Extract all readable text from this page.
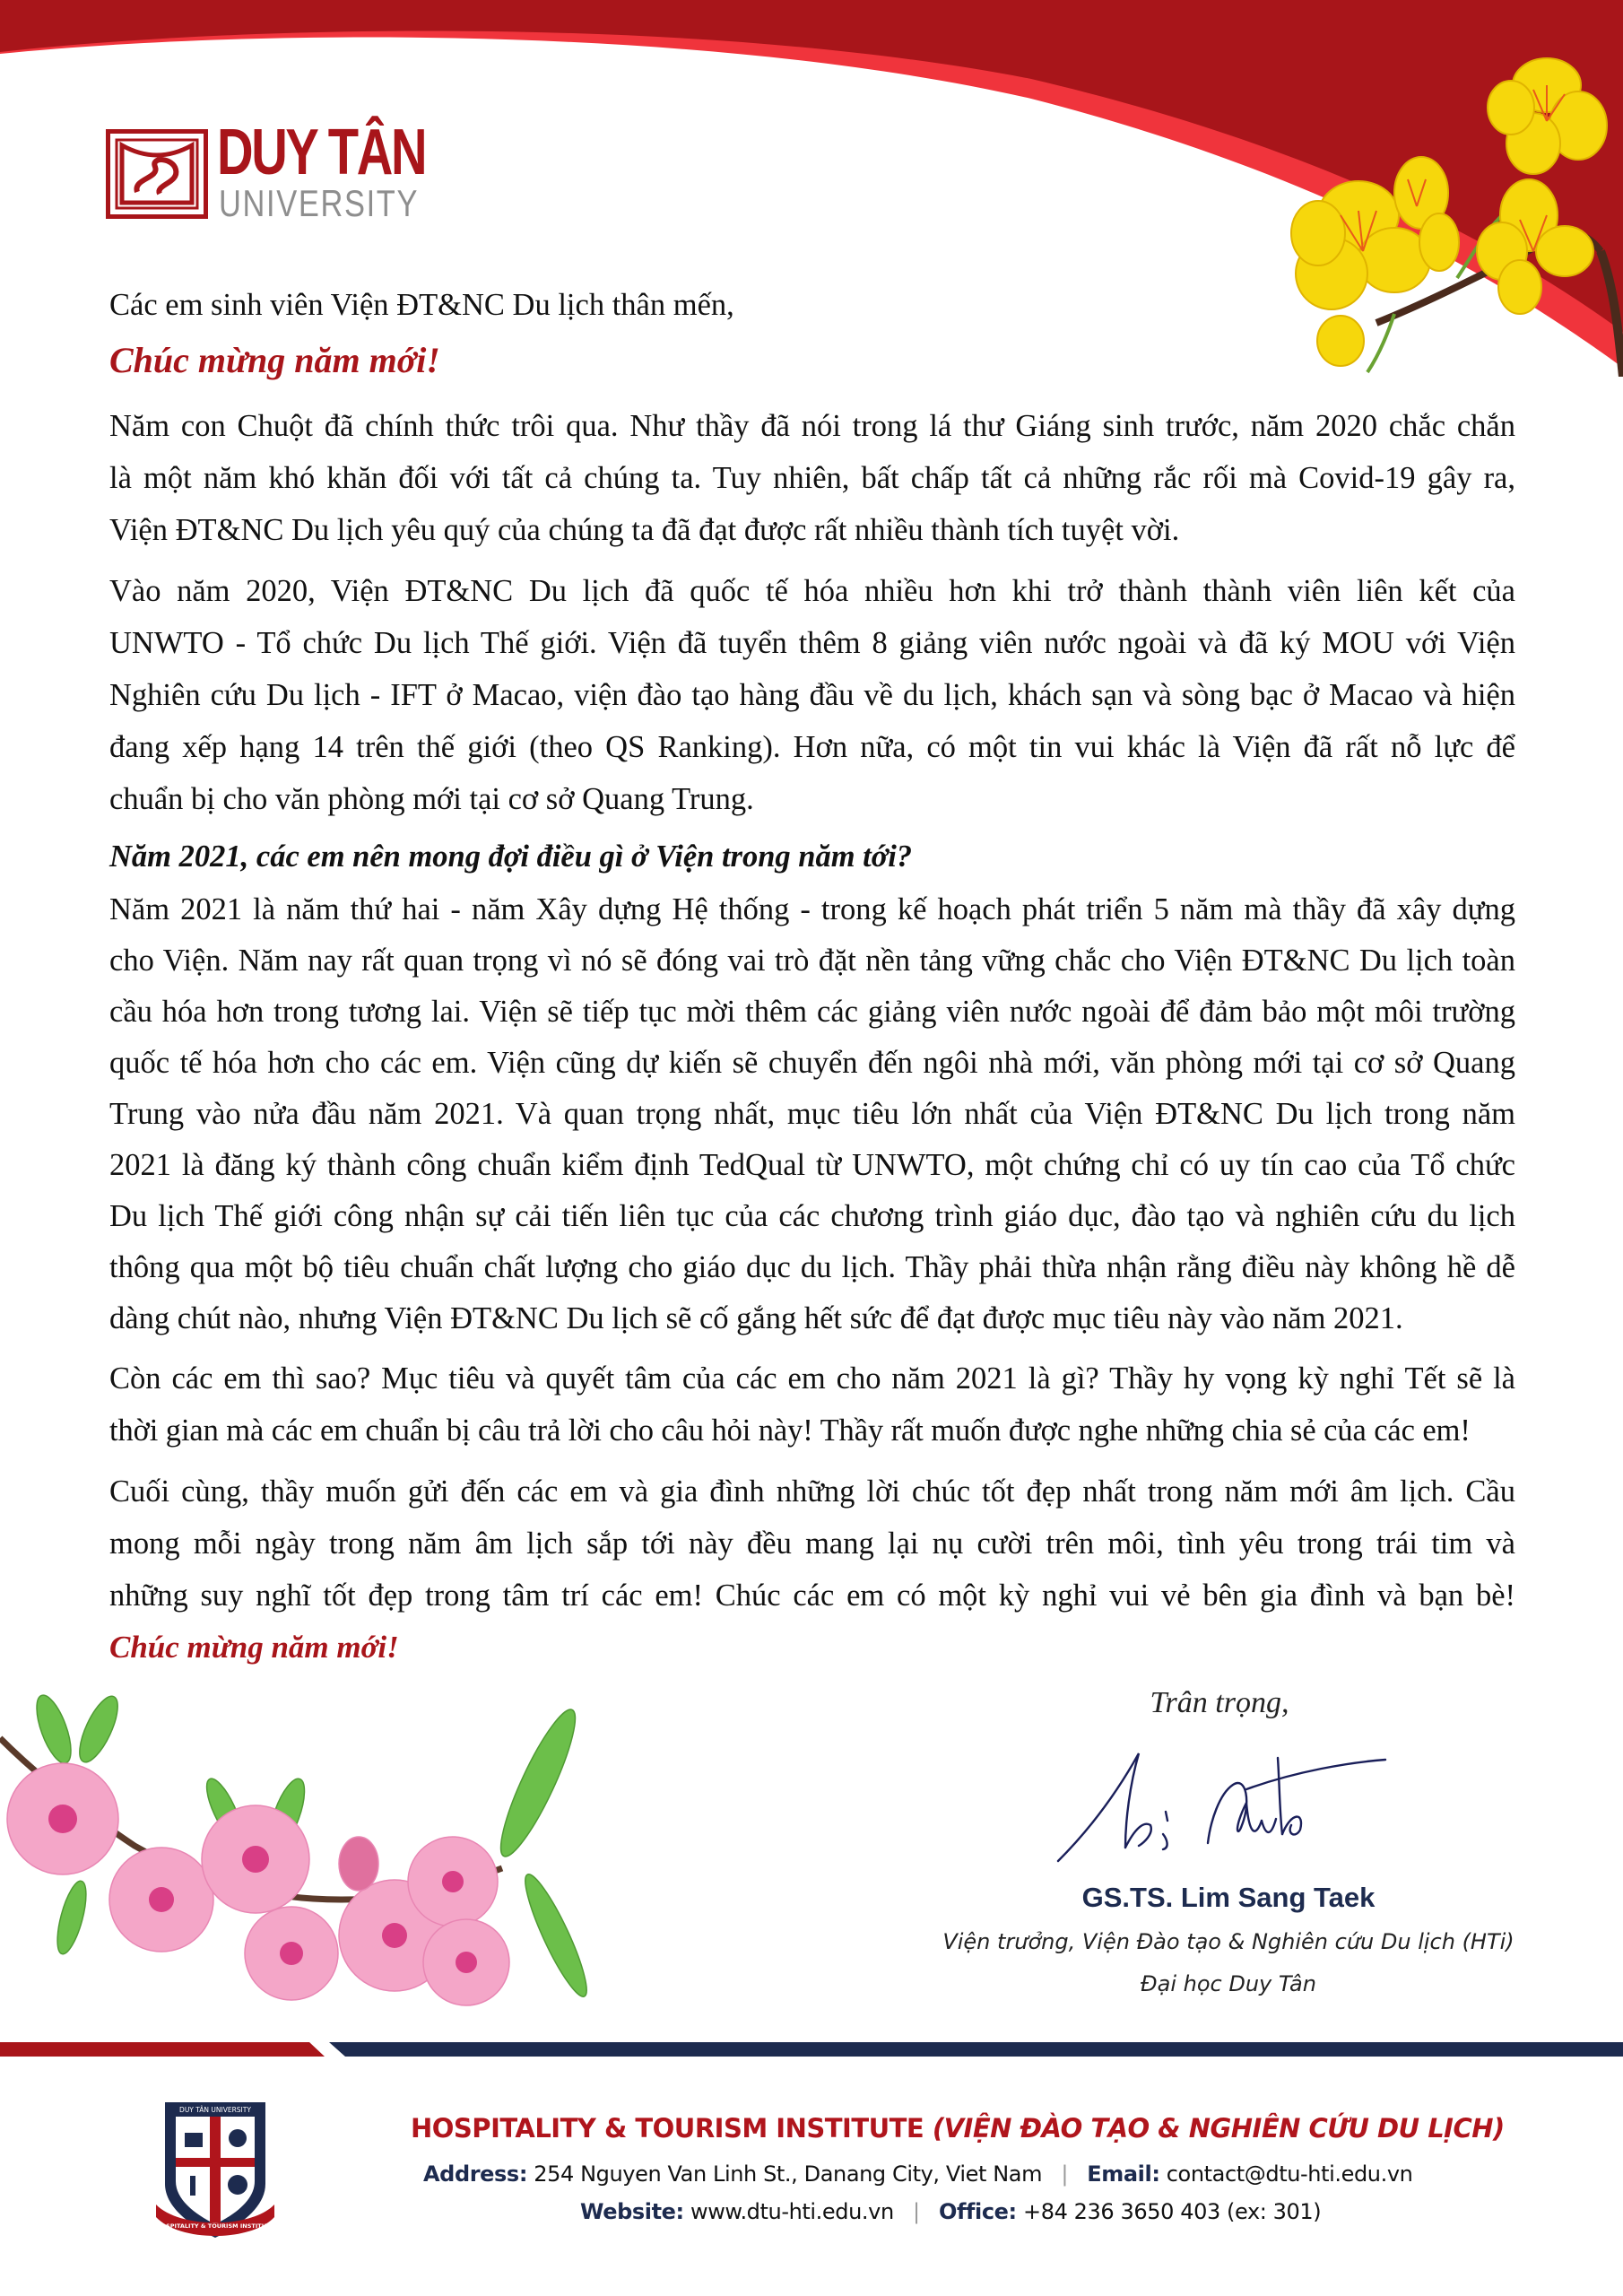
DUY TÂN
UNIVERSITY
Các em sinh viên Viện ĐT&NC Du lịch thân mến,
Chúc mừng năm mới!
Năm con Chuột đã chính thức trôi qua. Như thầy đã nói trong lá thư Giáng sinh trước, năm 2020 chắc chắn
là một năm khó khăn đối với tất cả chúng ta. Tuy nhiên, bất chấp tất cả những rắc rối mà Covid-19 gây ra,
Viện ĐT&NC Du lịch yêu quý của chúng ta đã đạt được rất nhiều thành tích tuyệt vời.
Vào năm 2020, Viện ĐT&NC Du lịch đã quốc tế hóa nhiều hơn khi trở thành thành viên liên kết của
UNWTO - Tổ chức Du lịch Thế giới. Viện đã tuyển thêm 8 giảng viên nước ngoài và đã ký MOU với Viện
Nghiên cứu Du lịch - IFT ở Macao, viện đào tạo hàng đầu về du lịch, khách sạn và sòng bạc ở Macao và hiện
đang xếp hạng 14 trên thế giới (theo QS Ranking). Hơn nữa, có một tin vui khác là Viện đã rất nỗ lực để
chuẩn bị cho văn phòng mới tại cơ sở Quang Trung.
Năm 2021, các em nên mong đợi điều gì ở Viện trong năm tới?
Năm 2021 là năm thứ hai - năm Xây dựng Hệ thống - trong kế hoạch phát triển 5 năm mà thầy đã xây dựng
cho Viện. Năm nay rất quan trọng vì nó sẽ đóng vai trò đặt nền tảng vững chắc cho Viện ĐT&NC Du lịch toàn
cầu hóa hơn trong tương lai. Viện sẽ tiếp tục mời thêm các giảng viên nước ngoài để đảm bảo một môi trường
quốc tế hóa hơn cho các em. Viện cũng dự kiến sẽ chuyển đến ngôi nhà mới, văn phòng mới tại cơ sở Quang
Trung vào nửa đầu năm 2021. Và quan trọng nhất, mục tiêu lớn nhất của Viện ĐT&NC Du lịch trong năm
2021 là đăng ký thành công chuẩn kiểm định TedQual từ UNWTO, một chứng chỉ có uy tín cao của Tổ chức
Du lịch Thế giới công nhận sự cải tiến liên tục của các chương trình giáo dục, đào tạo và nghiên cứu du lịch
thông qua một bộ tiêu chuẩn chất lượng cho giáo dục du lịch. Thầy phải thừa nhận rằng điều này không hề dễ
dàng chút nào, nhưng Viện ĐT&NC Du lịch sẽ cố gắng hết sức để đạt được mục tiêu này vào năm 2021.
Còn các em thì sao? Mục tiêu và quyết tâm của các em cho năm 2021 là gì? Thầy hy vọng kỳ nghỉ Tết sẽ là
thời gian mà các em chuẩn bị câu trả lời cho câu hỏi này! Thầy rất muốn được nghe những chia sẻ của các em!
Cuối cùng, thầy muốn gửi đến các em và gia đình những lời chúc tốt đẹp nhất trong năm mới âm lịch. Cầu
mong mỗi ngày trong năm âm lịch sắp tới này đều mang lại nụ cười trên môi, tình yêu trong trái tim và
những suy nghĩ tốt đẹp trong tâm trí các em! Chúc các em có một kỳ nghỉ vui vẻ bên gia đình và bạn bè!
Chúc mừng năm mới!
Trân trọng,
GS.TS. Lim Sang Taek
Viện trưởng, Viện Đào tạo & Nghiên cứu Du lịch (HTi)
Đại học Duy Tân
DUY TÂN UNIVERSITY
HOSPITALITY & TOURISM INSTITUTE
HOSPITALITY & TOURISM INSTITUTE (VIỆN ĐÀO TẠO & NGHIÊN CỨU DU LỊCH)
Address: 254 Nguyen Van Linh St., Danang City, Viet Nam | Email: contact@dtu-hti.edu.vn
Website: www.dtu-hti.edu.vn | Office: +84 236 3650 403 (ex: 301)
